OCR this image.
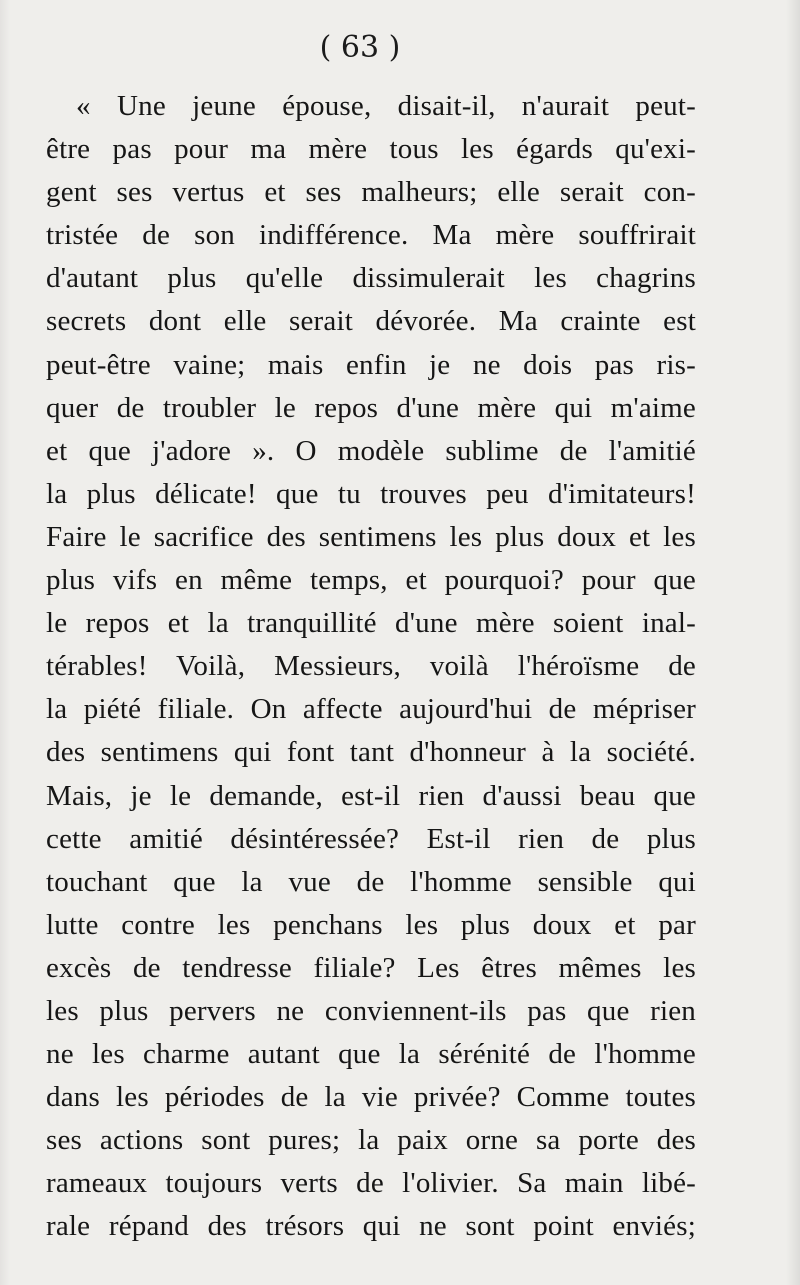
( 63 )
« Une jeune épouse, disait-il, n'aurait peut-
être pas pour ma mère tous les égards qu'exi-
gent ses vertus et ses malheurs; elle serait con-
tristée de son indifférence. Ma mère souffrirait
d'autant plus qu'elle dissimulerait les chagrins
secrets dont elle serait dévorée. Ma crainte est
peut-être vaine; mais enfin je ne dois pas ris-
quer de troubler le repos d'une mère qui m'aime
et que j'adore ». O modèle sublime de l'amitié
la plus délicate! que tu trouves peu d'imitateurs!
Faire le sacrifice des sentimens les plus doux et les
plus vifs en même temps, et pourquoi? pour que
le repos et la tranquillité d'une mère soient inal-
térables! Voilà, Messieurs, voilà l'héroïsme de
la piété filiale. On affecte aujourd'hui de mépriser
des sentimens qui font tant d'honneur à la société.
Mais, je le demande, est-il rien d'aussi beau que
cette amitié désintéressée? Est-il rien de plus
touchant que la vue de l'homme sensible qui
lutte contre les penchans les plus doux et par
excès de tendresse filiale? Les êtres mêmes les
les plus pervers ne conviennent-ils pas que rien
ne les charme autant que la sérénité de l'homme
dans les périodes de la vie privée? Comme toutes
ses actions sont pures; la paix orne sa porte des
rameaux toujours verts de l'olivier. Sa main libé-
rale répand des trésors qui ne sont point enviés;
